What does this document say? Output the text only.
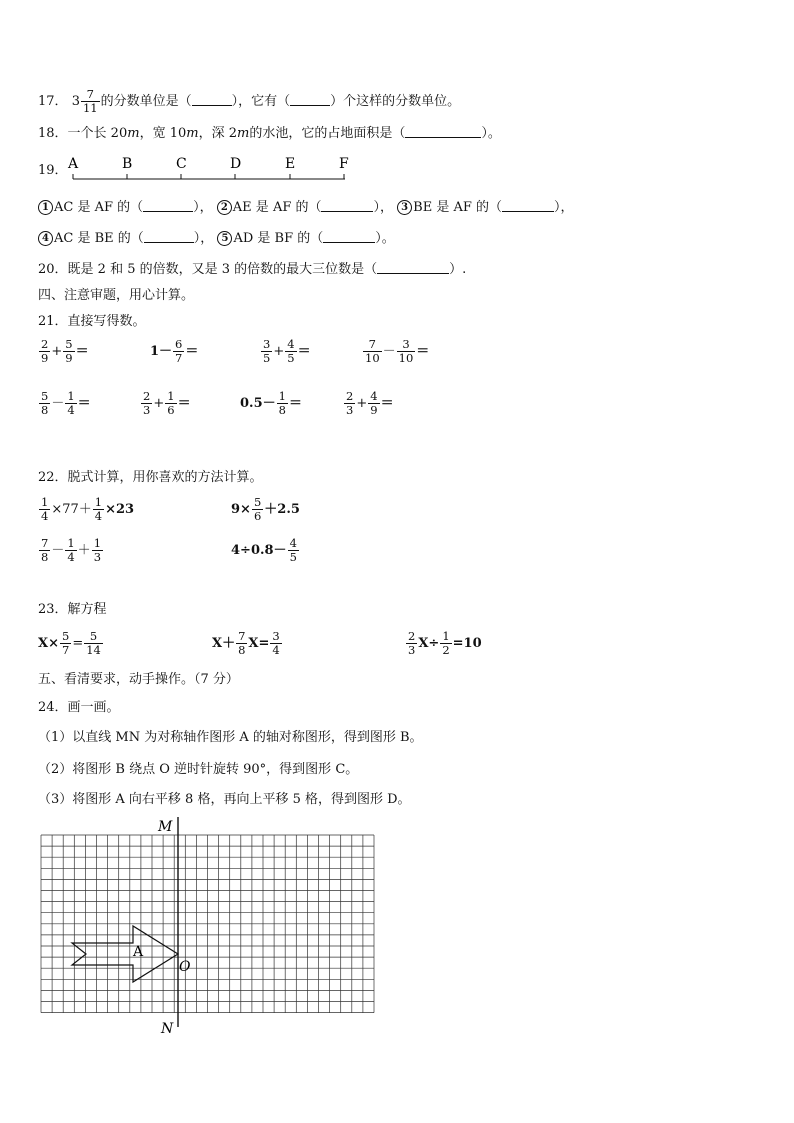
17． $3 \frac{7}{11}$ 的分数单位是（	），它有（	）个这样的分数单位。
18．一个长 20m，宽 10m，深 2m的水池，它的占地面积是（	）。
19． A	B	C	D	E	F
1 AC 是 AF 的（	）， 2 AE 是 AF 的（	）， 3 BE 是 AF 的（	），
4 AC 是 BE 的（	）， 5 AD 是 BF 的（	）。
20．既是 2 和 5 的倍数，又是 3 的倍数的最大三位数是（	）.
四、注意审题，用心计算。
21．直接写得数。
$\frac{2}{9} + \frac{5}{9}$ ＝	$1- \frac{6}{7}$ ＝	$\frac{3}{5} + \frac{4}{5}$ ＝	$\frac{7}{10} - \frac{3}{10}$ ＝
$\frac{5}{8} - \frac{1}{4}$ ＝	$\frac{2}{3} + \frac{1}{6}$ ＝	$0.5- \frac{1}{8}$ ＝	$\frac{2}{3} + \frac{4}{9}$ ＝
22．脱式计算，用你喜欢的方法计算。
$\frac{1}{4} \times 77+ \frac{1}{4} \times 23$	$9\times \frac{5}{6} +2.5$
$\frac{7}{8} - \frac{1}{4} + \frac{1}{3}$	$4\div 0.8- \frac{4}{5}$
23．解方程
$X\times \frac{5}{7} = \frac{5}{14}$	$X+ \frac{7}{8} X= \frac{3}{4}$	$\frac{2}{3} X\div \frac{1}{2} =10$
五、看清要求，动手操作。（7 分）
24．画一画。
（1）以直线 MN 为对称轴作图形 A 的轴对称图形，得到图形 B。
（2）将图形 B 绕点 O 逆时针旋转 90°，得到图形 C。
（3）将图形 A 向右平移 8 格，再向上平移 5 格，得到图形 D。
M
N
A
O
